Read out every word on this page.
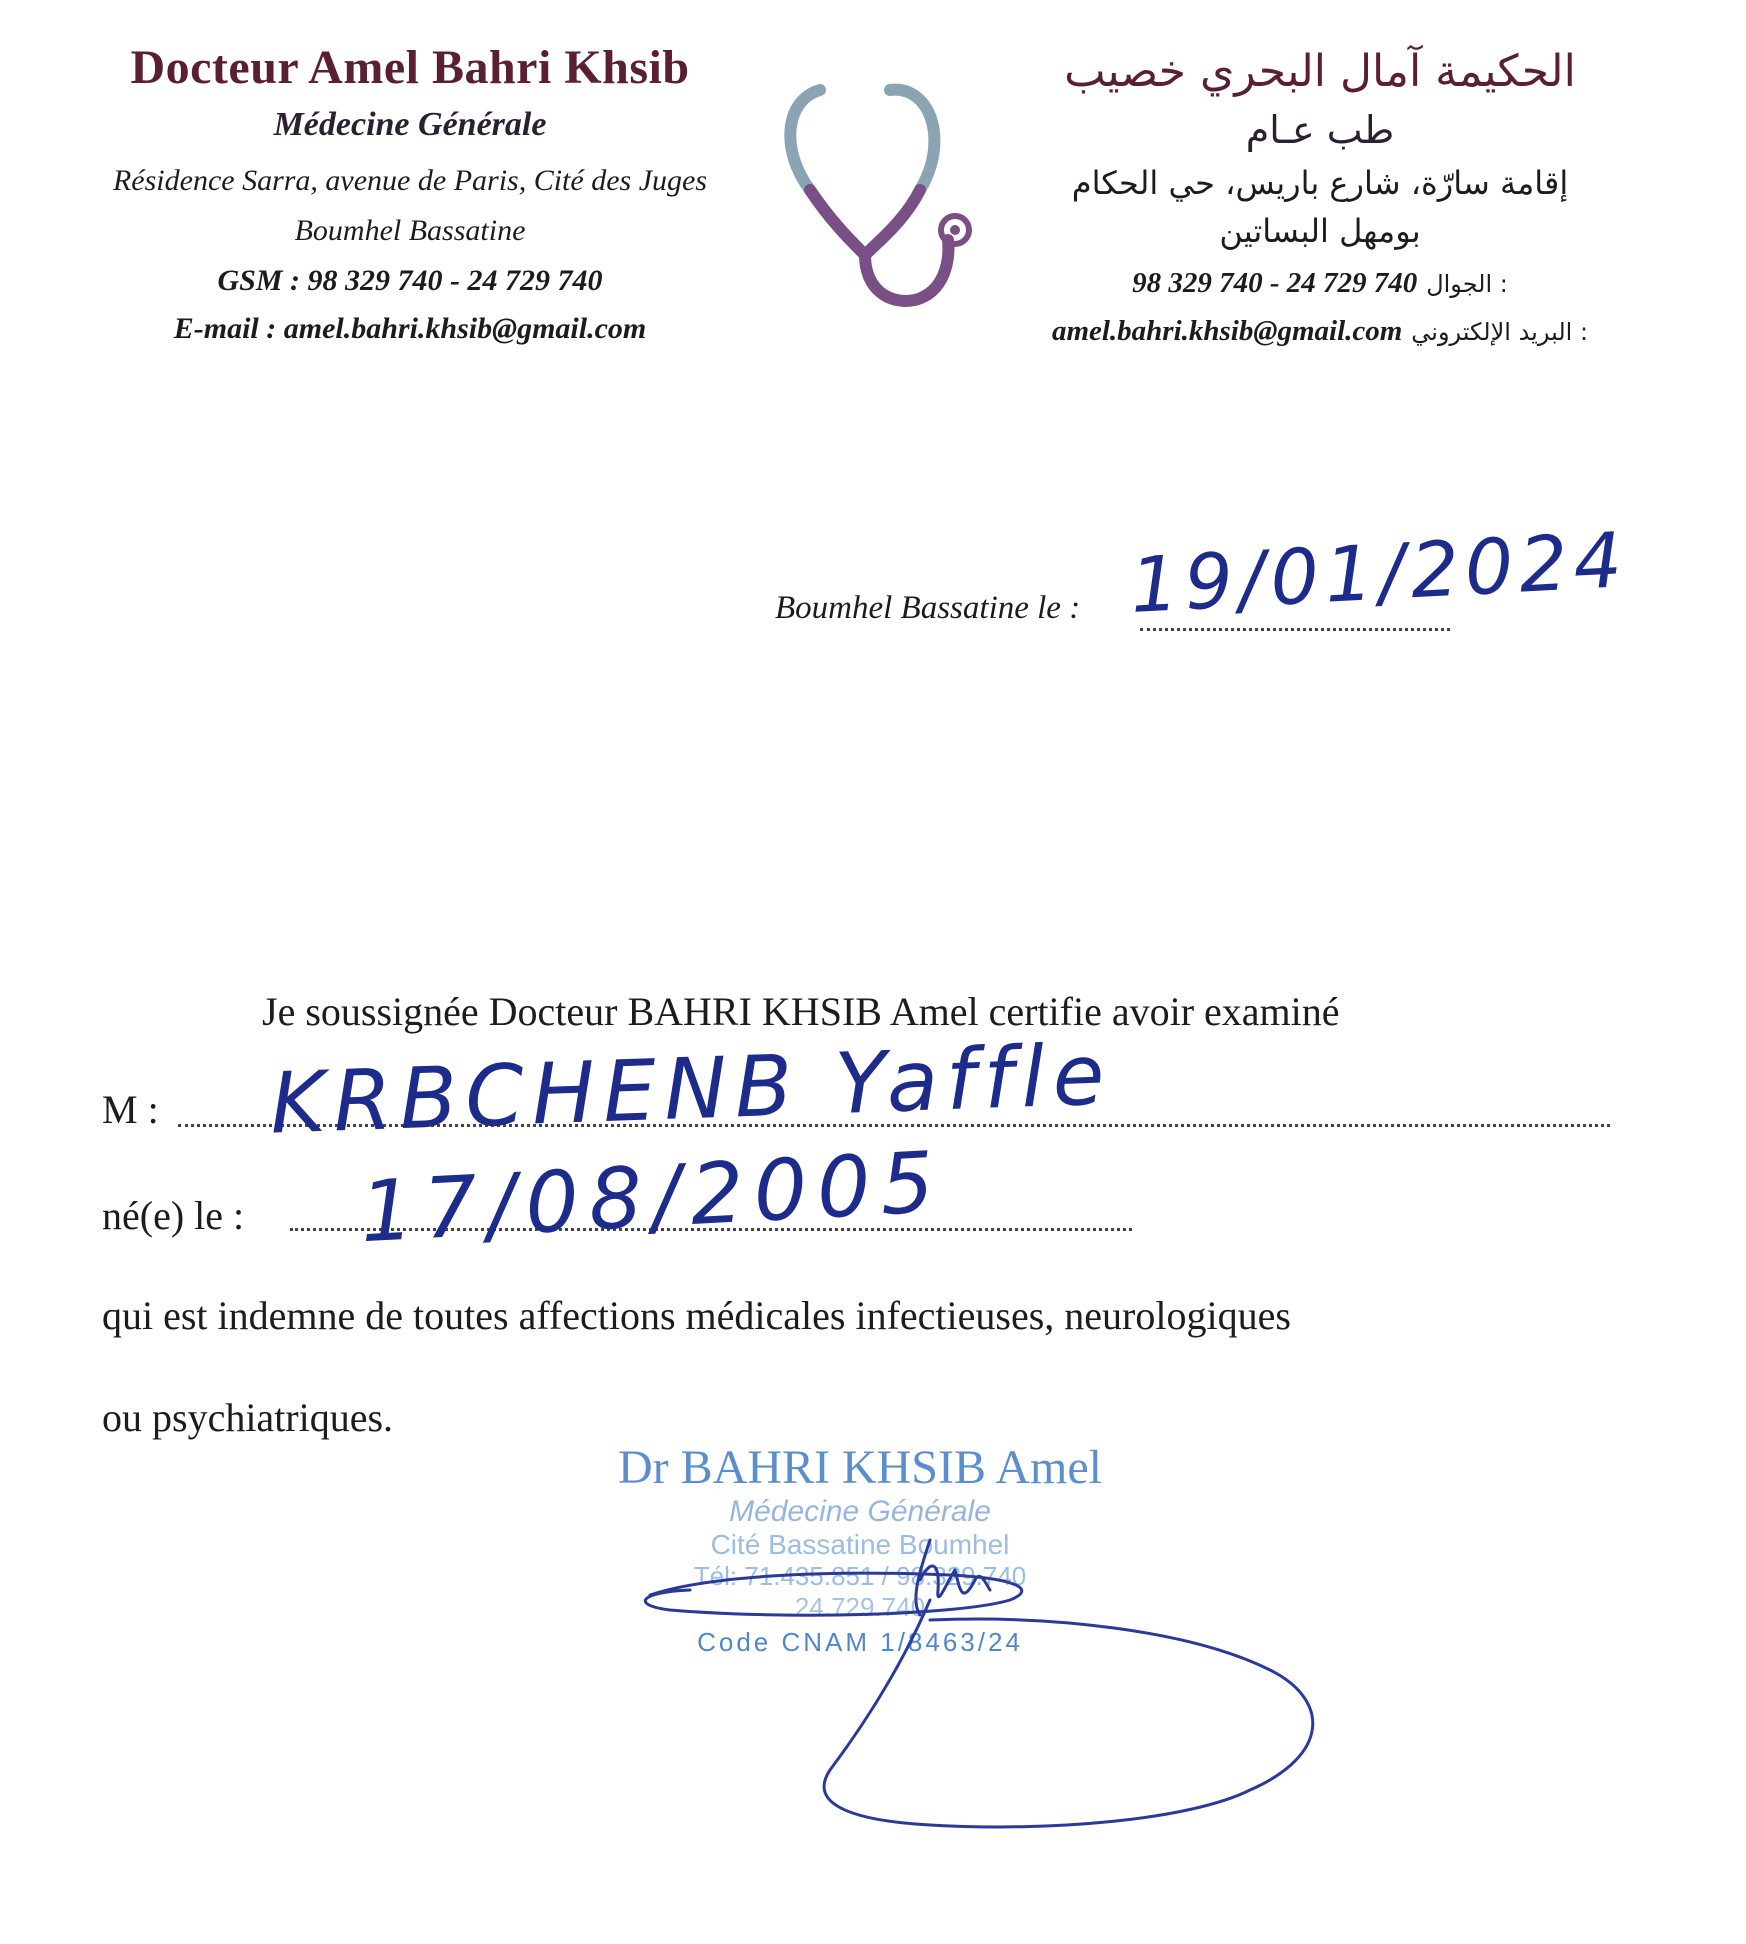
Docteur Amel Bahri Khsib
Médecine Générale
Résidence Sarra, avenue de Paris, Cité des Juges
Boumhel Bassatine
GSM : 98 329 740 - 24 729 740
E-mail : amel.bahri.khsib@gmail.com
الحكيمة آمال البحري خصيب
طب عـام
إقامة سارّة، شارع باريس، حي الحكام
بومهل البساتين
98 329 740 - 24 729 740 الجوال :
amel.bahri.khsib@gmail.com البريد الإلكتروني :
Boumhel Bassatine le : 19/01/2024
Je soussignée Docteur BAHRI KHSIB Amel certifie avoir examiné
M : KRBCHENB Yaffle
né(e) le : 17/08/2005
qui est indemne de toutes affections médicales infectieuses, neurologiques
ou psychiatriques.
Dr BAHRI KHSIB Amel
Médecine Générale
Cité Bassatine Boumhel
Tél: 71.435.851 / 98.329.740
24.729.740
Code CNAM 1/8463/24
